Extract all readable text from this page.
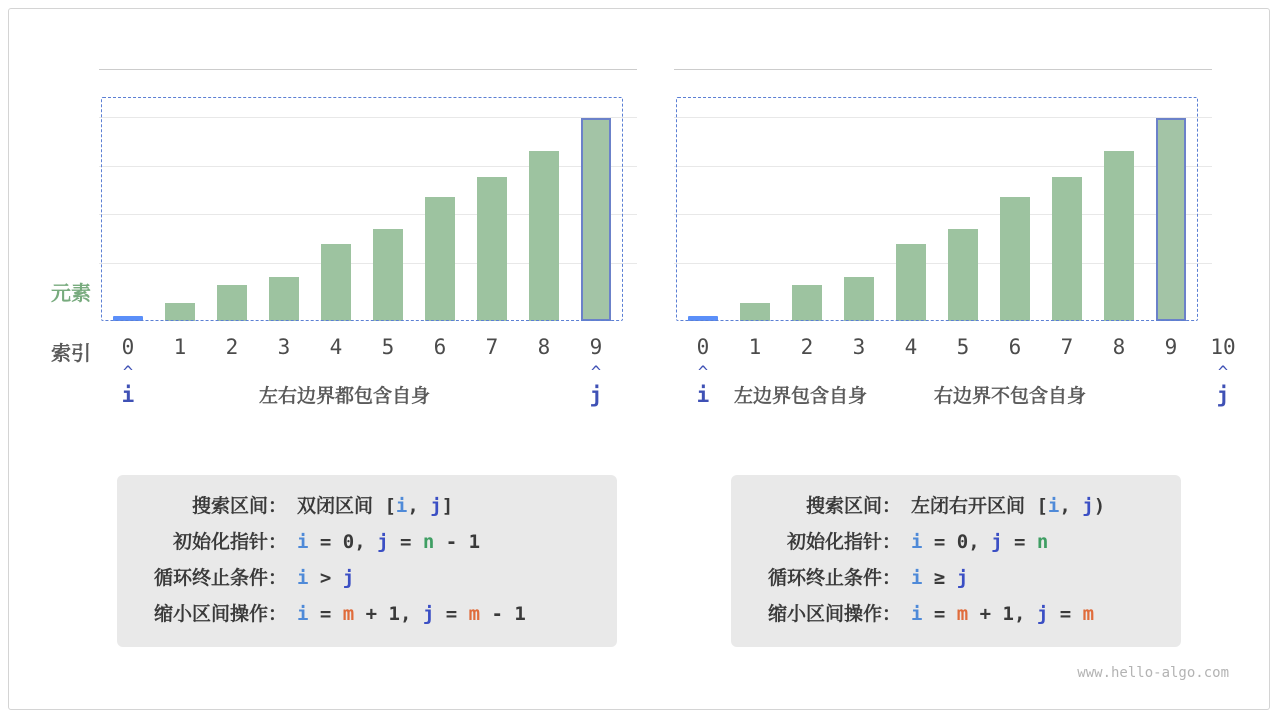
元素
索引
www.hello-algo.com
0	1	2	3	4	5	6	7	8	9
^
i
^
j
左右边界都包含自身
搜索区间： 双闭区间 [i, j]
初始化指针： i = 0, j = n - 1
循环终止条件： i > j
缩小区间操作： i = m + 1, j = m - 1
0	1	2	3	4	5	6	7	8	9	10
^
i
^
j
左边界包含自身	右边界不包含自身
搜索区间： 左闭右开区间 [i, j)
初始化指针： i = 0, j = n
循环终止条件： i ≥ j
缩小区间操作： i = m + 1, j = m
